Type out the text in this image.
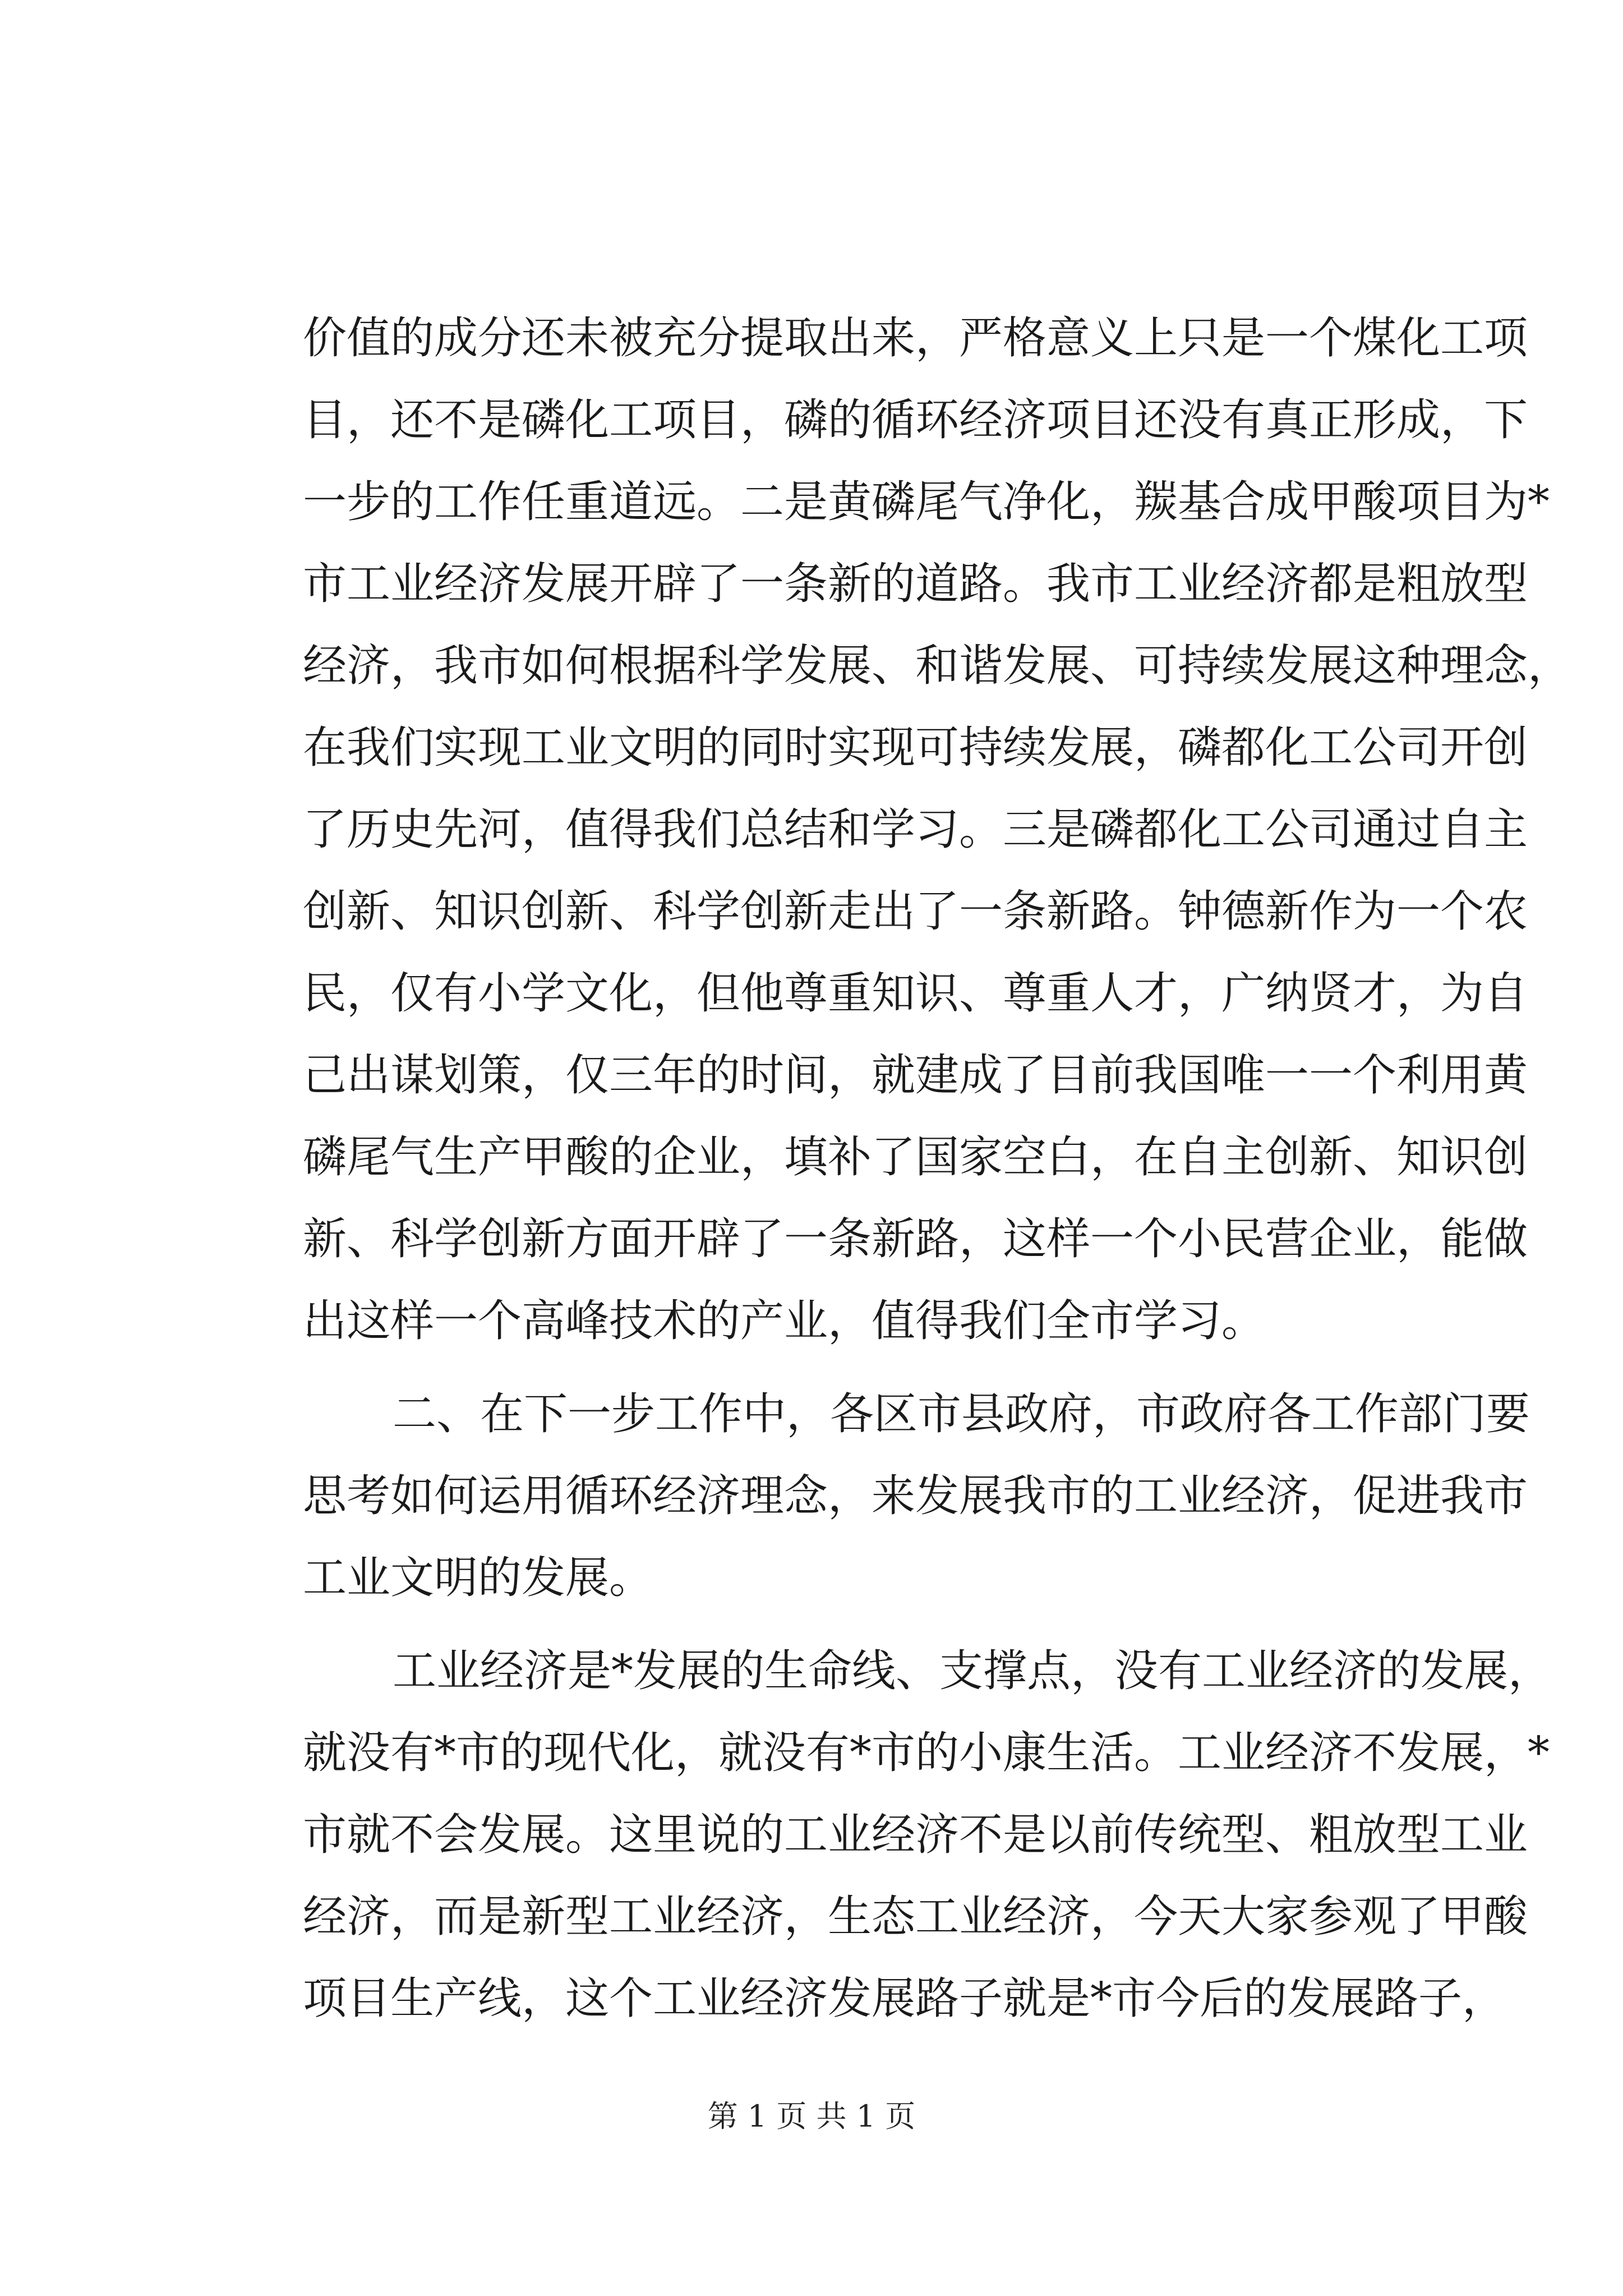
价值的成分还未被充分提取出来，严格意义上只是一个煤化工项
目，还不是磷化工项目，磷的循环经济项目还没有真正形成，下
一步的工作任重道远。二是黄磷尾气净化，羰基合成甲酸项目为*
市工业经济发展开辟了一条新的道路。我市工业经济都是粗放型
经济，我市如何根据科学发展、和谐发展、可持续发展这种理念，
在我们实现工业文明的同时实现可持续发展，磷都化工公司开创
了历史先河，值得我们总结和学习。三是磷都化工公司通过自主
创新、知识创新、科学创新走出了一条新路。钟德新作为一个农
民，仅有小学文化，但他尊重知识、尊重人才，广纳贤才，为自
己出谋划策，仅三年的时间，就建成了目前我国唯一一个利用黄
磷尾气生产甲酸的企业，填补了国家空白，在自主创新、知识创
新、科学创新方面开辟了一条新路，这样一个小民营企业，能做
出这样一个高峰技术的产业，值得我们全市学习。
二、在下一步工作中，各区市县政府，市政府各工作部门要
思考如何运用循环经济理念，来发展我市的工业经济，促进我市
工业文明的发展。
工业经济是*发展的生命线、支撑点，没有工业经济的发展，
就没有*市的现代化，就没有*市的小康生活。工业经济不发展，*
市就不会发展。这里说的工业经济不是以前传统型、粗放型工业
经济，而是新型工业经济，生态工业经济，今天大家参观了甲酸
项目生产线，这个工业经济发展路子就是*市今后的发展路子，
第 1 页 共 1 页
